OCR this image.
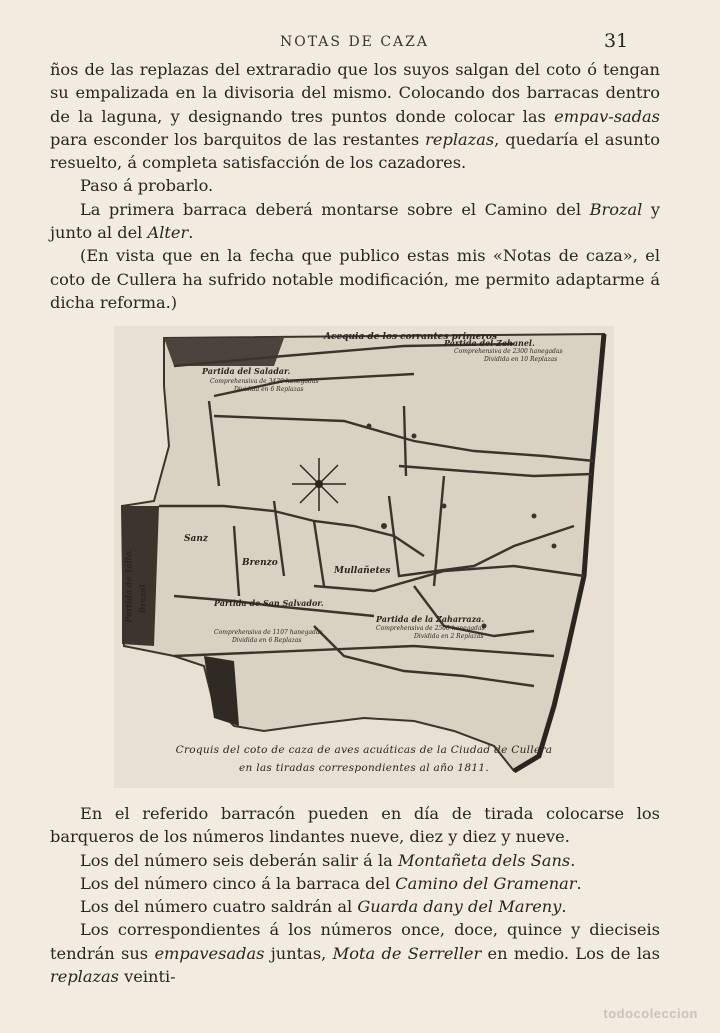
NOTAS DE CAZA	31

ños de las replazas del extraradio que los suyos salgan del coto ó tengan su empalizada en la divisoria del mismo. Colocando dos barracas dentro de la laguna, y designando tres puntos donde colocar las empav-sadas para esconder los barquitos de las restantes replazas, quedaría el asunto resuelto, á completa satisfacción de los cazadores.

Paso á probarlo.

La primera barraca deberá montarse sobre el Camino del Brozal y junto al del Alter.

(En vista que en la fecha que publico estas mis «Notas de caza», el coto de Cullera ha sufrido notable modificación, me permito adaptarme á dicha reforma.)

Acequia de los corrantes primeros
Partida del Saladar.
Comprehensiva de 3420 hanegadas
Dividida en 6 Replazas
Partida del Zahanel.
Comprehensiva de 2300 hanegadas
Dividida en 10 Replazas
Partida de San Salvador.
Comprehensiva de 1107 hanegadas
Dividida en 6 Replazas
Partida de la Zaharraza.
Comprehensiva de 2500 hanegadas
Dividida en 2 Replazas
Partida de Tallo. Brazal
Sanz
Brenzo
Mullañetes
Croquis del coto de caza de aves acuáticas de la Ciudad de Cullera
en las tiradas correspondientes al año 1811.

En el referido barracón pueden en día de tirada colocarse los barqueros de los números lindantes nueve, diez y diez y nueve.

Los del número seis deberán salir á la Montañeta dels Sans.

Los del número cinco á la barraca del Camino del Gramenar.

Los del número cuatro saldrán al Guarda dany del Mareny.

Los correspondientes á los números once, doce, quince y dieciseis tendrán sus empavesadas juntas, Mota de Serreller en medio. Los de las replazas veinti-

todocoleccion
